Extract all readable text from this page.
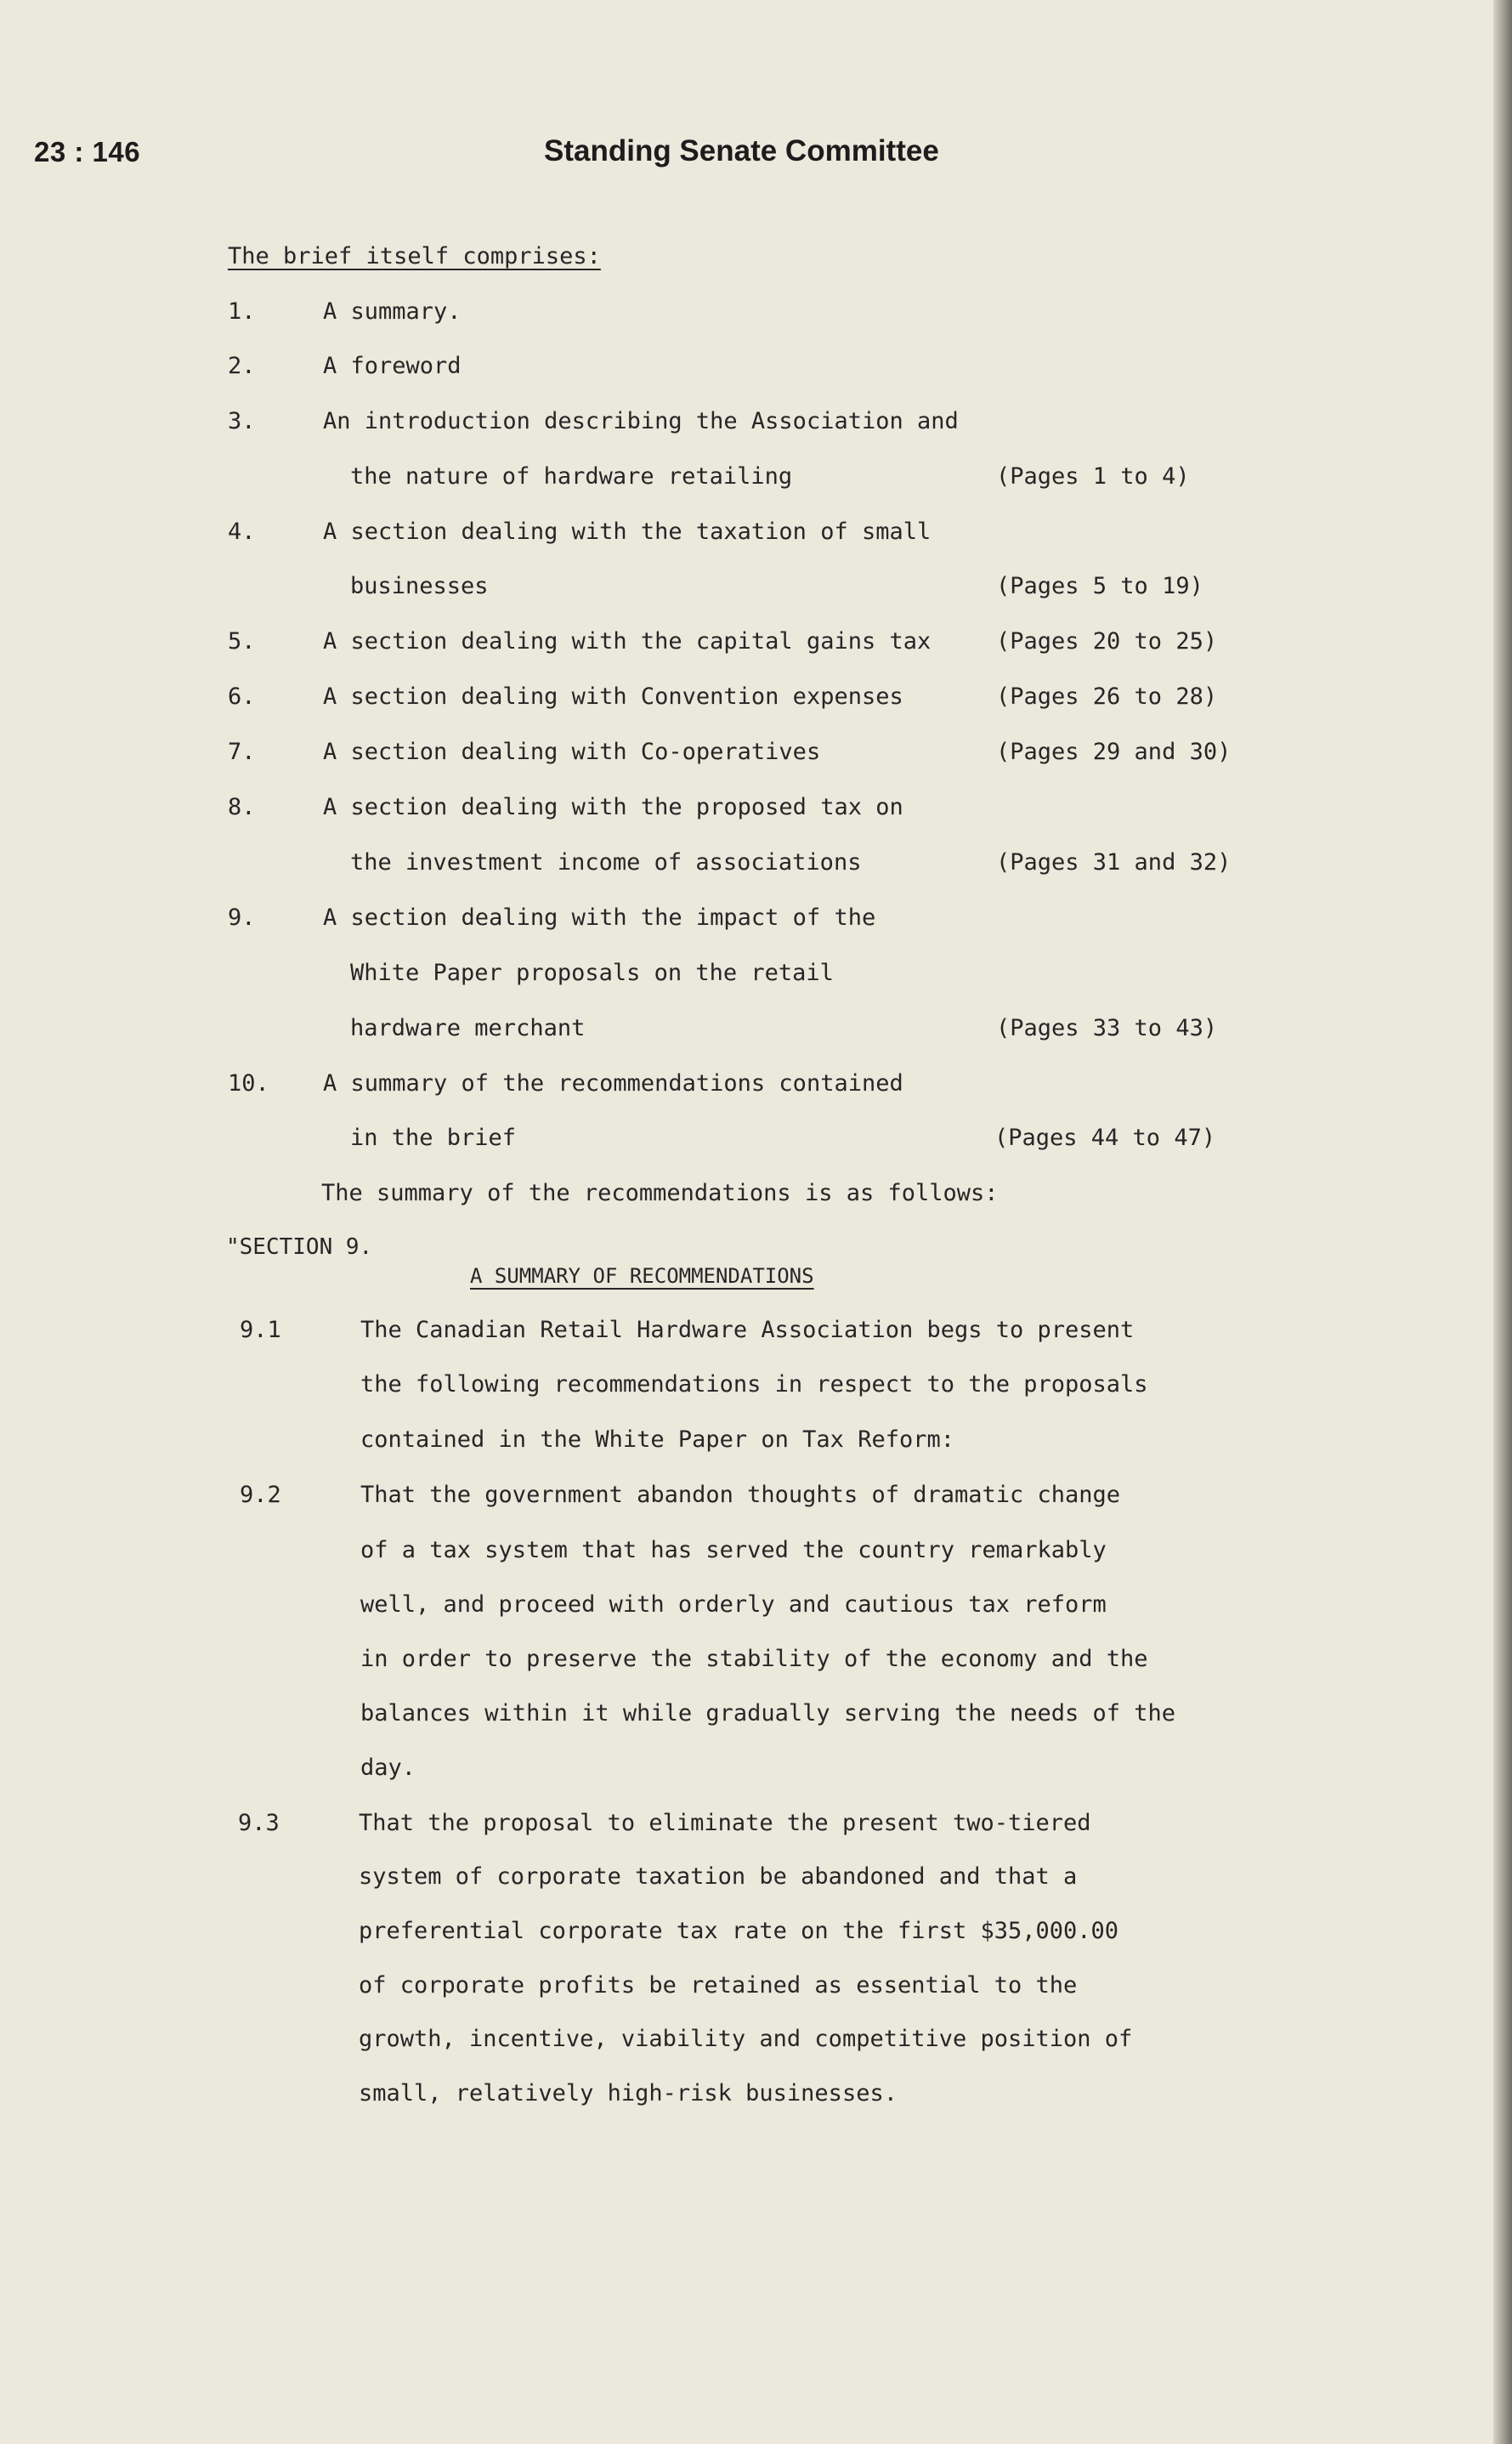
23 : 146	Standing Senate Committee
The brief itself comprises:
1.	A summary.
2.	A foreword
3.	An introduction describing the Association and
the nature of hardware retailing	(Pages 1 to 4)
4.	A section dealing with the taxation of small
businesses	(Pages 5 to 19)
5.	A section dealing with the capital gains tax	(Pages 20 to 25)
6.	A section dealing with Convention expenses	(Pages 26 to 28)
7.	A section dealing with Co-operatives	(Pages 29 and 30)
8.	A section dealing with the proposed tax on
the investment income of associations	(Pages 31 and 32)
9.	A section dealing with the impact of the
White Paper proposals on the retail
hardware merchant	(Pages 33 to 43)
10. A summary of the recommendations contained
in the brief	(Pages 44 to 47)
The summary of the recommendations is as follows:
"SECTION 9.
A SUMMARY OF RECOMMENDATIONS
9.1	The Canadian Retail Hardware Association begs to present
the following recommendations in respect to the proposals
contained in the White Paper on Tax Reform:
9.2	That the government abandon thoughts of dramatic change
of a tax system that has served the country remarkably
well, and proceed with orderly and cautious tax reform
in order to preserve the stability of the economy and the
balances within it while gradually serving the needs of the
day.
9.3	That the proposal to eliminate the present two-tiered
system of corporate taxation be abandoned and that a
preferential corporate tax rate on the first $35,000.00
of corporate profits be retained as essential to the
growth, incentive, viability and competitive position of
small, relatively high-risk businesses.
